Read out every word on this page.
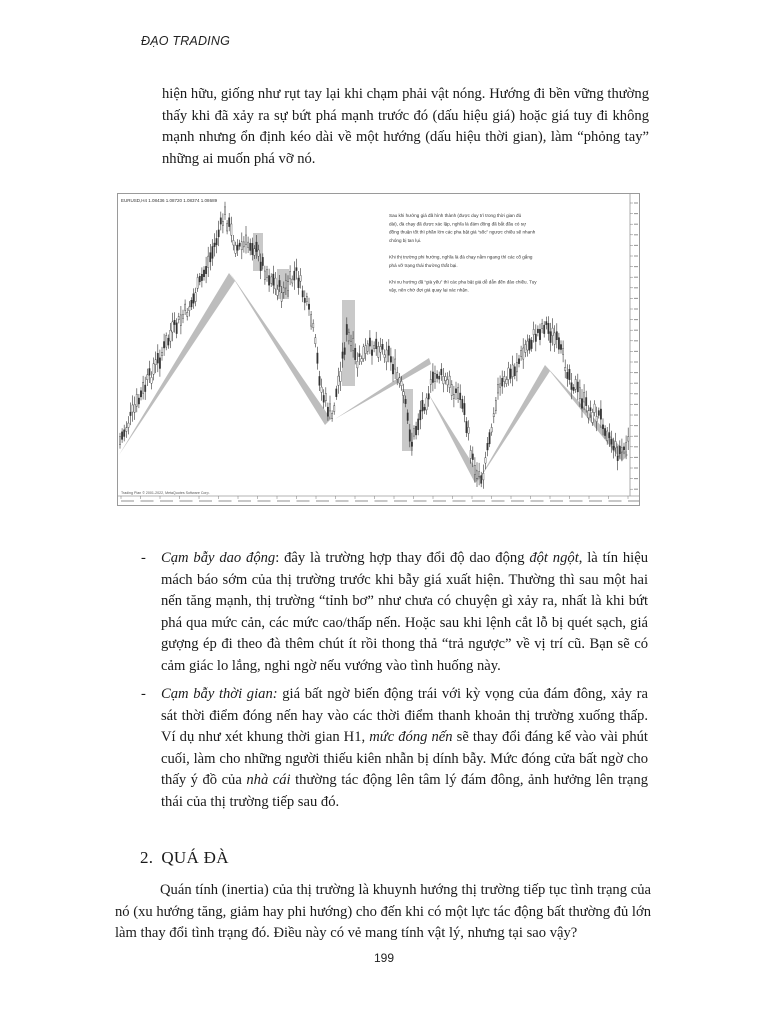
ĐẠO TRADING

hiện hữu, giống như rụt tay lại khi chạm phải vật nóng. Hướng đi bền vững thường thấy khi đã xảy ra sự bứt phá mạnh trước đó (dấu hiệu giá) hoặc giá tuy đi không mạnh nhưng ổn định kéo dài về một hướng (dấu hiệu thời gian), làm “phỏng tay” những ai muốn phá vỡ nó.

EURUSD,H4 1.08436 1.08720 1.08374 1.08689
Trading Plan © 2001-2022, MetaQuotes Software Corp.
Sau khi hướng giá đã hình thành (được duy trì trong thời gian đủ
dài), đà chạy đã được xác lập, nghĩa là đám đông đã bắt đầu có sự
đồng thuận tốt thì phần lớn các pha bật giá “sốc” ngược chiều sẽ nhanh
chóng bị tan lụi.
Khi thị trường phi hướng, nghĩa là đà chạy nằm ngang thì các cố gắng
phá vỡ trạng thái thường thất bại.
Khi xu hướng đã “già yếu” thì các pha bật giá dễ dẫn đến đảo chiều. Tuy
vậy, nên chờ đợi giá quay lại xác nhận.
- Cạm bẫy dao động: đây là trường hợp thay đổi độ dao động đột ngột, là tín hiệu mách báo sớm của thị trường trước khi bẫy giá xuất hiện. Thường thì sau một hai nến tăng mạnh, thị trường “tỉnh bơ” như chưa có chuyện gì xảy ra, nhất là khi bứt phá qua mức cản, các mức cao/thấp nến. Hoặc sau khi lệnh cắt lỗ bị quét sạch, giá gượng ép đi theo đà thêm chút ít rồi thong thả “trả ngược” về vị trí cũ. Bạn sẽ có cảm giác lo lắng, nghi ngờ nếu vướng vào tình huống này.

- Cạm bẫy thời gian: giá bất ngờ biến động trái với kỳ vọng của đám đông, xảy ra sát thời điểm đóng nến hay vào các thời điểm thanh khoản thị trường xuống thấp. Ví dụ như xét khung thời gian H1, mức đóng nến sẽ thay đổi đáng kể vào vài phút cuối, làm cho những người thiếu kiên nhẫn bị dính bẫy. Mức đóng cửa bất ngờ cho thấy ý đồ của nhà cái thường tác động lên tâm lý đám đông, ảnh hưởng lên trạng thái của thị trường tiếp sau đó.

2. QUÁ ĐÀ

Quán tính (inertia) của thị trường là khuynh hướng thị trường tiếp tục tình trạng của nó (xu hướng tăng, giảm hay phi hướng) cho đến khi có một lực tác động bất thường đủ lớn làm thay đổi tình trạng đó. Điều này có vẻ mang tính vật lý, nhưng tại sao vậy?

199
